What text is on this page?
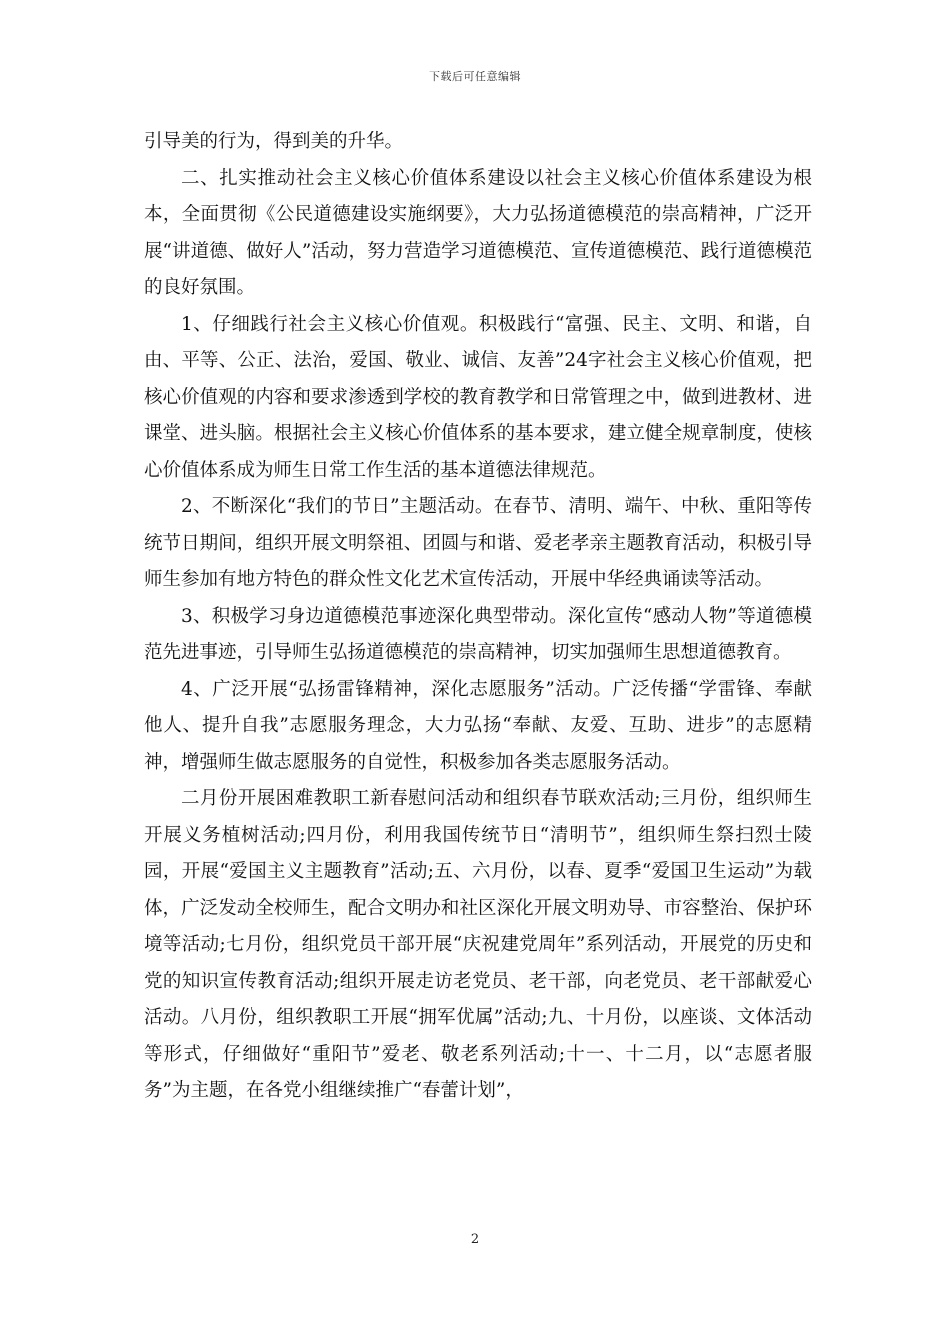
下载后可任意编辑

引导美的行为，得到美的升华。

二、扎实推动社会主义核心价值体系建设以社会主义核心价值体系建设为根本，全面贯彻《公民道德建设实施纲要》，大力弘扬道德模范的崇高精神，广泛开展“讲道德、做好人”活动，努力营造学习道德模范、宣传道德模范、践行道德模范的良好氛围。

1、仔细践行社会主义核心价值观。积极践行“富强、民主、文明、和谐，自由、平等、公正、法治，爱国、敬业、诚信、友善”24字社会主义核心价值观，把核心价值观的内容和要求渗透到学校的教育教学和日常管理之中，做到进教材、进课堂、进头脑。根据社会主义核心价值体系的基本要求，建立健全规章制度，使核心价值体系成为师生日常工作生活的基本道德法律规范。

2、不断深化“我们的节日”主题活动。在春节、清明、端午、中秋、重阳等传统节日期间，组织开展文明祭祖、团圆与和谐、爱老孝亲主题教育活动，积极引导师生参加有地方特色的群众性文化艺术宣传活动，开展中华经典诵读等活动。

3、积极学习身边道德模范事迹深化典型带动。深化宣传“感动人物”等道德模范先进事迹，引导师生弘扬道德模范的崇高精神，切实加强师生思想道德教育。

4、广泛开展“弘扬雷锋精神，深化志愿服务”活动。广泛传播“学雷锋、奉献他人、提升自我”志愿服务理念，大力弘扬“奉献、友爱、互助、进步”的志愿精神，增强师生做志愿服务的自觉性，积极参加各类志愿服务活动。

二月份开展困难教职工新春慰问活动和组织春节联欢活动;三月份，组织师生开展义务植树活动;四月份，利用我国传统节日“清明节”，组织师生祭扫烈士陵园，开展“爱国主义主题教育”活动;五、六月份，以春、夏季“爱国卫生运动”为载体，广泛发动全校师生，配合文明办和社区深化开展文明劝导、市容整治、保护环境等活动;七月份，组织党员干部开展“庆祝建党周年”系列活动，开展党的历史和党的知识宣传教育活动;组织开展走访老党员、老干部，向老党员、老干部献爱心活动。八月份，组织教职工开展“拥军优属”活动;九、十月份，以座谈、文体活动等形式，仔细做好“重阳节”爱老、敬老系列活动;十一、十二月，以“志愿者服务”为主题，在各党小组继续推广“春蕾计划”，

2
